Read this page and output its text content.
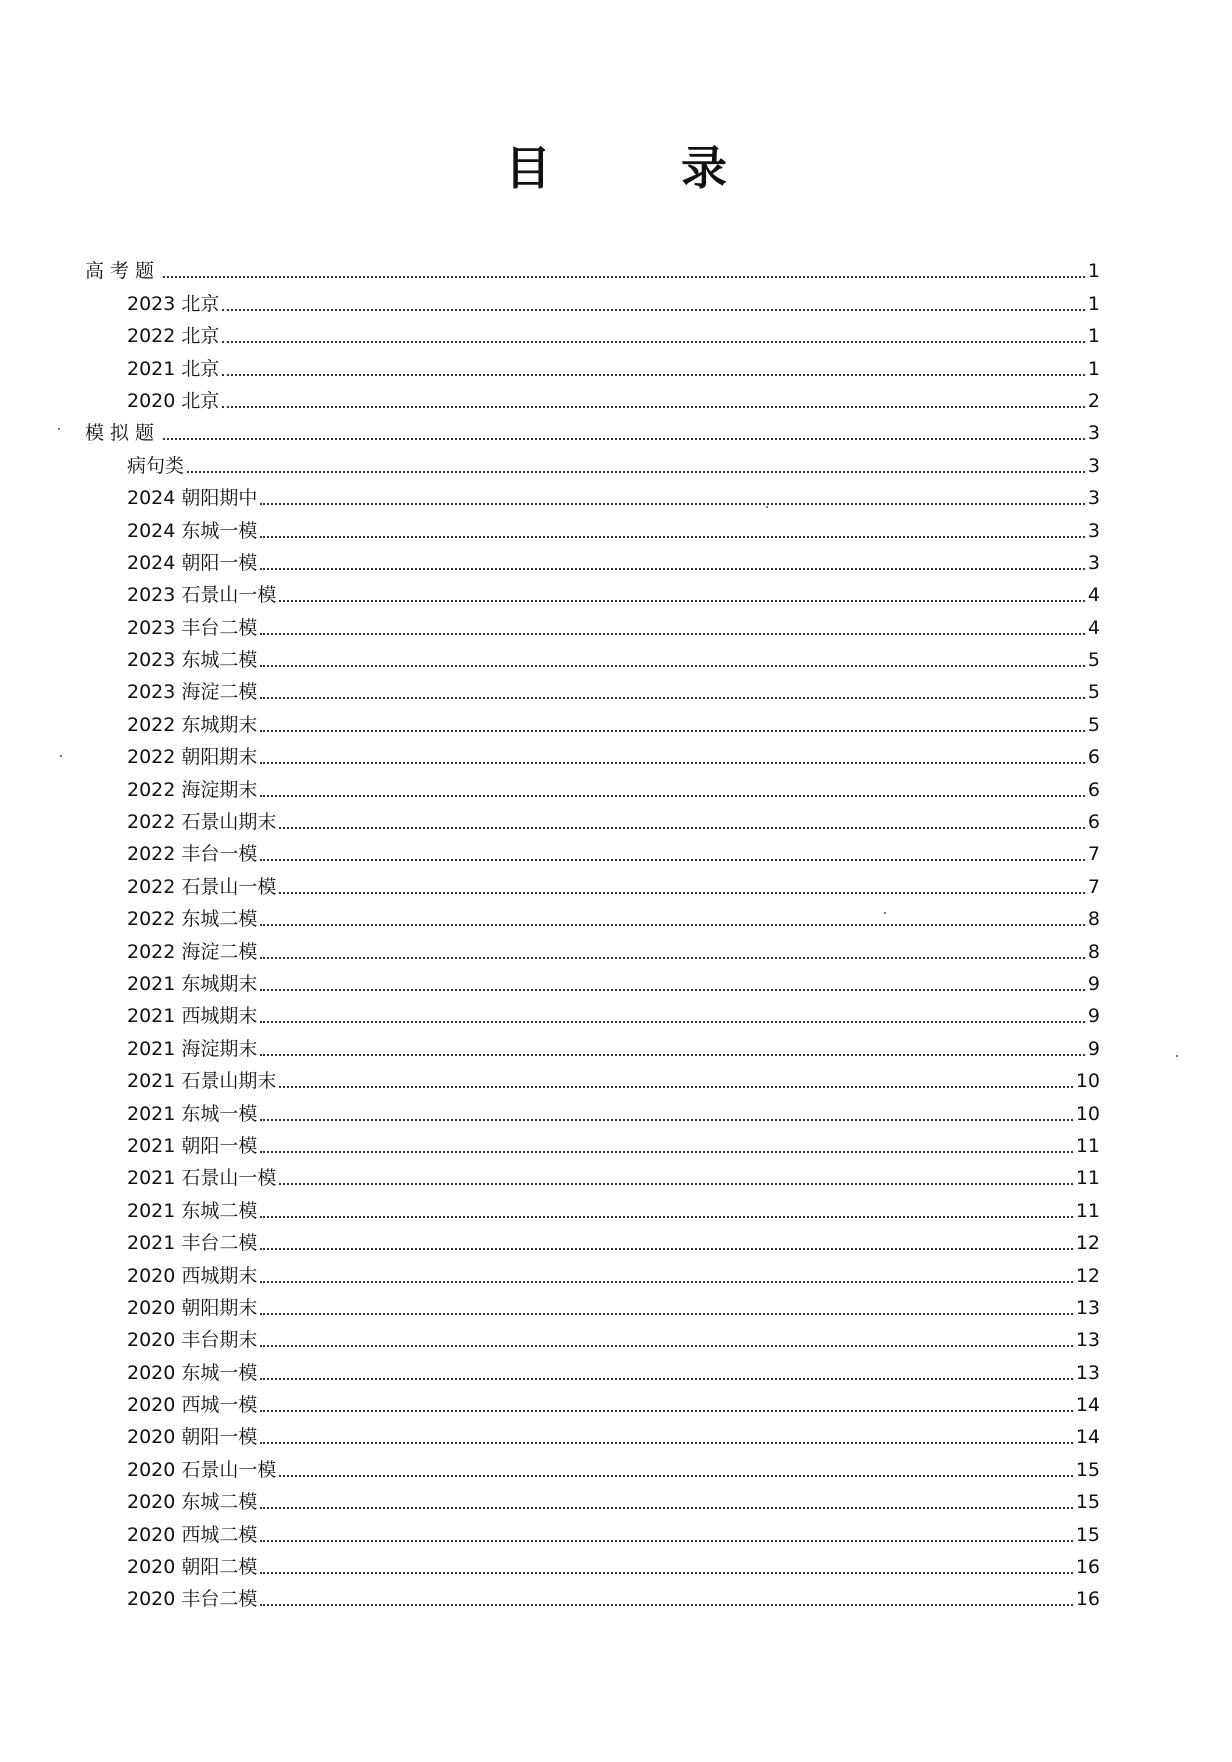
目　录
高考题	1
2023 北京	1
2022 北京	1
2021 北京	1
2020 北京	2
模拟题	3
病句类	3
2024 朝阳期中	3
2024 东城一模	3
2024 朝阳一模	3
2023 石景山一模	4
2023 丰台二模	4
2023 东城二模	5
2023 海淀二模	5
2022 东城期末	5
2022 朝阳期末	6
2022 海淀期末	6
2022 石景山期末	6
2022 丰台一模	7
2022 石景山一模	7
2022 东城二模	8
2022 海淀二模	8
2021 东城期末	9
2021 西城期末	9
2021 海淀期末	9
2021 石景山期末	10
2021 东城一模	10
2021 朝阳一模	11
2021 石景山一模	11
2021 东城二模	11
2021 丰台二模	12
2020 西城期末	12
2020 朝阳期末	13
2020 丰台期末	13
2020 东城一模	13
2020 西城一模	14
2020 朝阳一模	14
2020 石景山一模	15
2020 东城二模	15
2020 西城二模	15
2020 朝阳二模	16
2020 丰台二模	16
